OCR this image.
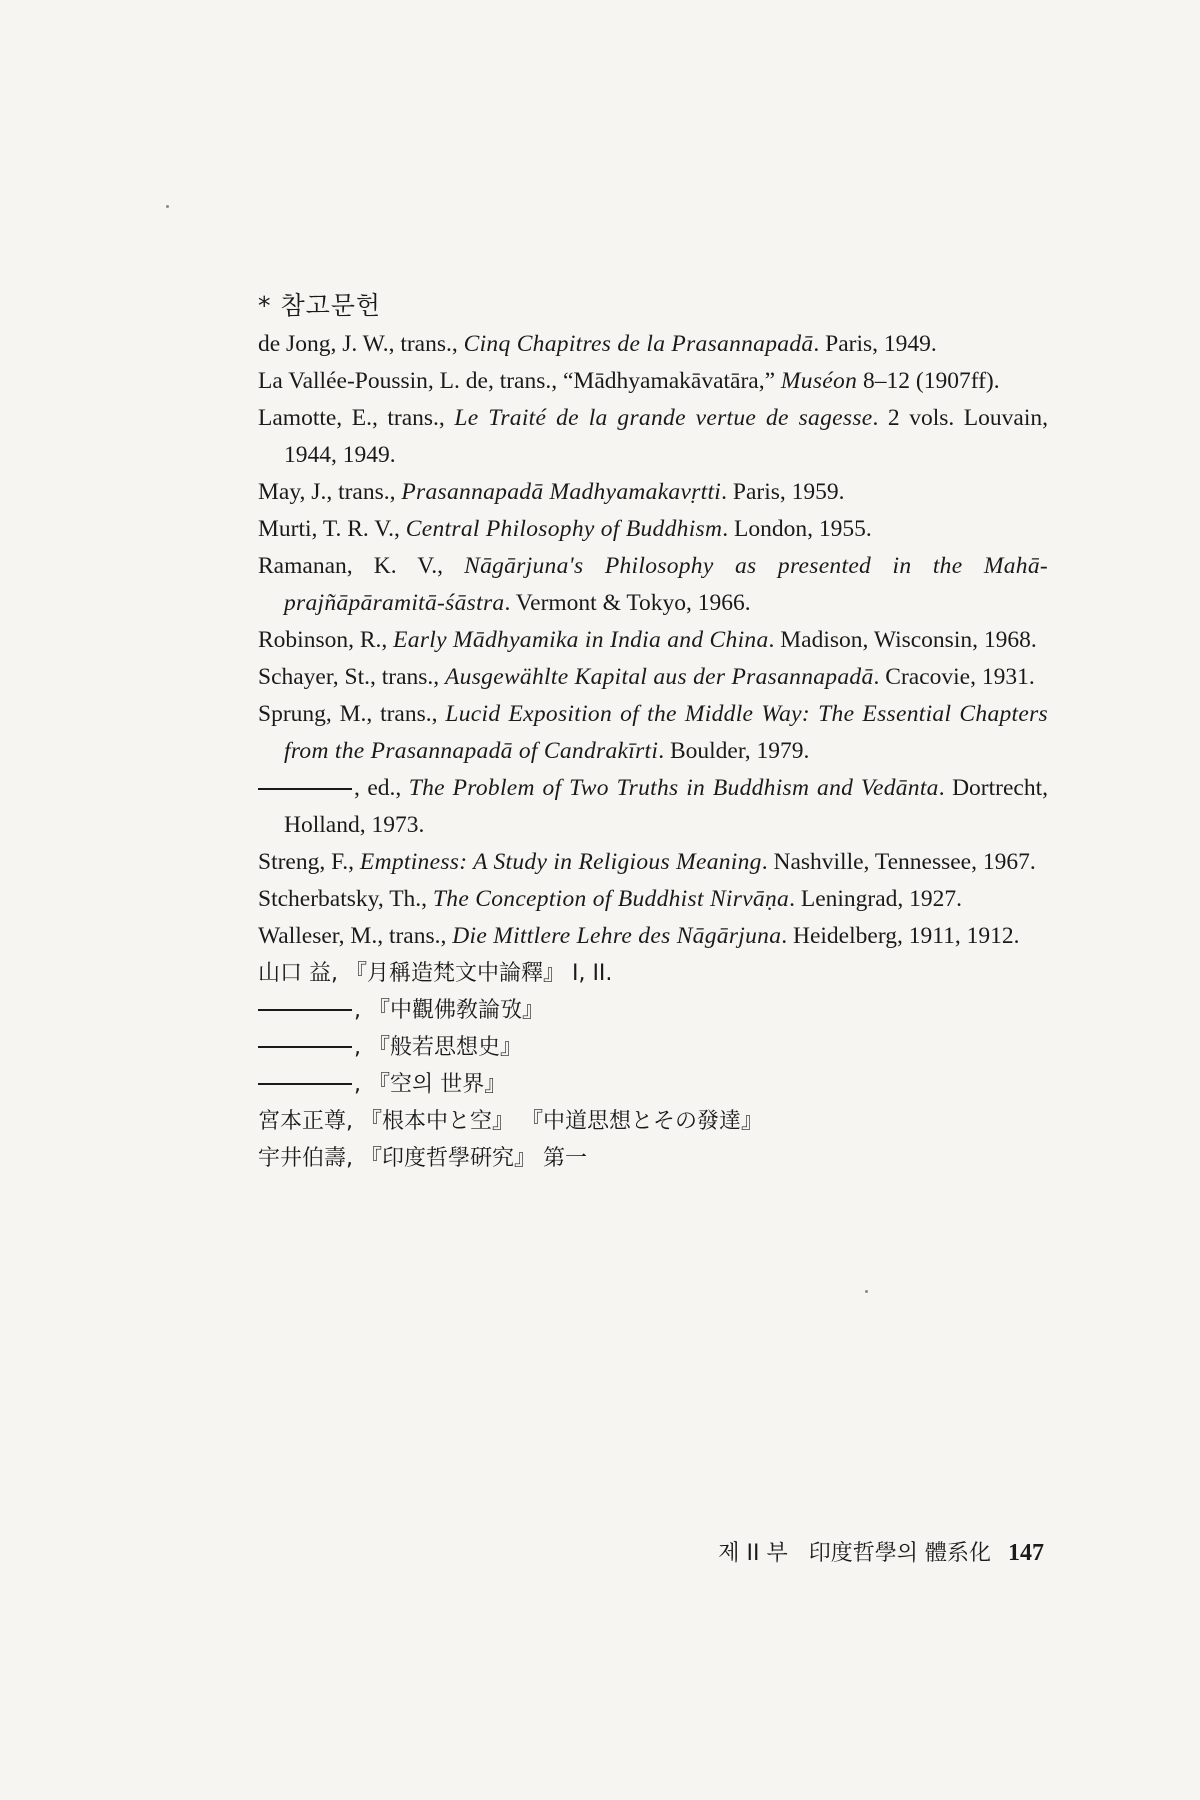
* 참고문헌

de Jong, J. W., trans., Cinq Chapitres de la Prasannapadā. Paris, 1949.

La Vallée-Poussin, L. de, trans., “Mādhyamakāvatāra,” Muséon 8–12 (1907ff).

Lamotte, E., trans., Le Traité de la grande vertue de sagesse. 2 vols. Louvain, 1944, 1949.

May, J., trans., Prasannapadā Madhyamakavṛtti. Paris, 1959.

Murti, T. R. V., Central Philosophy of Buddhism. London, 1955.

Ramanan, K. V., Nāgārjuna's Philosophy as presented in the Mahā-prajñāpāramitā-śāstra. Vermont & Tokyo, 1966.

Robinson, R., Early Mādhyamika in India and China. Madison, Wisconsin, 1968.

Schayer, St., trans., Ausgewählte Kapital aus der Prasannapadā. Cracovie, 1931.

Sprung, M., trans., Lucid Exposition of the Middle Way: The Essential Chapters from the Prasannapadā of Candrakīrti. Boulder, 1979.

, ed., The Problem of Two Truths in Buddhism and Vedānta. Dortrecht, Holland, 1973.

Streng, F., Emptiness: A Study in Religious Meaning. Nashville, Tennessee, 1967.

Stcherbatsky, Th., The Conception of Buddhist Nirvāṇa. Leningrad, 1927.

Walleser, M., trans., Die Mittlere Lehre des Nāgārjuna. Heidelberg, 1911, 1912.

山口 益, 『月稱造梵文中論釋』 I, II.

, 『中觀佛敎論攷』

, 『般若思想史』

, 『空의 世界』

宮本正尊, 『根本中と空』 『中道思想とその發達』

宇井伯壽, 『印度哲學硏究』 第一

제 II 부 印度哲學의 體系化 147
